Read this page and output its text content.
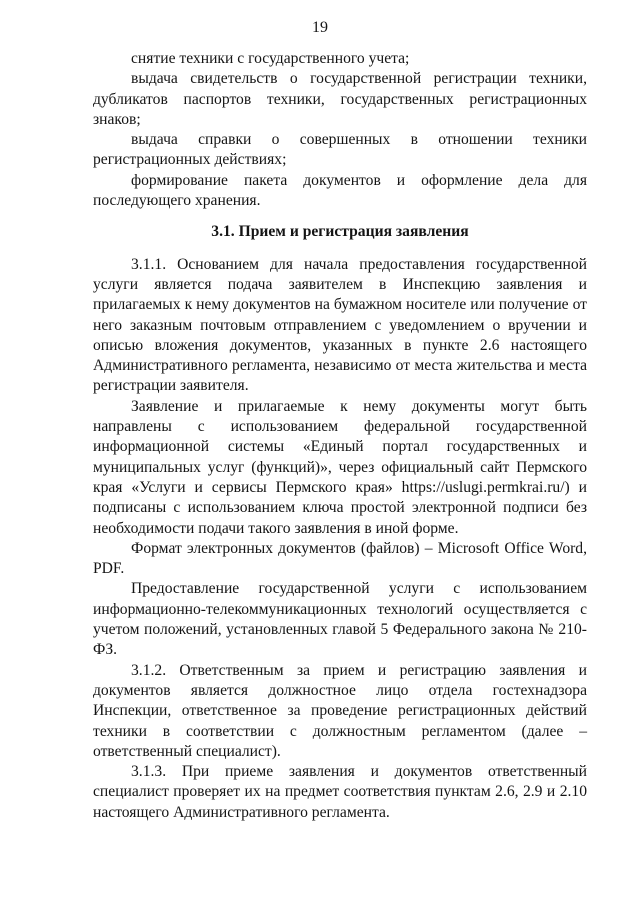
19

снятие техники с государственного учета;

выдача свидетельств о государственной регистрации техники, дубликатов паспортов техники, государственных регистрационных знаков;

выдача справки о совершенных в отношении техники регистрационных действиях;

формирование пакета документов и оформление дела для последующего хранения.

3.1. Прием и регистрация заявления

3.1.1. Основанием для начала предоставления государственной услуги является подача заявителем в Инспекцию заявления и прилагаемых к нему документов на бумажном носителе или получение от него заказным почтовым отправлением с уведомлением о вручении и описью вложения документов, указанных в пункте 2.6 настоящего Административного регламента, независимо от места жительства и места регистрации заявителя.

Заявление и прилагаемые к нему документы могут быть направлены с использованием федеральной государственной информационной системы «Единый портал государственных и муниципальных услуг (функций)», через официальный сайт Пермского края «Услуги и сервисы Пермского края» https://uslugi.permkrai.ru/) и подписаны с использованием ключа простой электронной подписи без необходимости подачи такого заявления в иной форме.

Формат электронных документов (файлов) – Microsoft Office Word, PDF.

Предоставление государственной услуги с использованием информационно-телекоммуникационных технологий осуществляется с учетом положений, установленных главой 5 Федерального закона № 210-ФЗ.

3.1.2. Ответственным за прием и регистрацию заявления и документов является должностное лицо отдела гостехнадзора Инспекции, ответственное за проведение регистрационных действий техники в соответствии с должностным регламентом (далее – ответственный специалист).

3.1.3. При приеме заявления и документов ответственный специалист проверяет их на предмет соответствия пунктам 2.6, 2.9 и 2.10 настоящего Административного регламента.
